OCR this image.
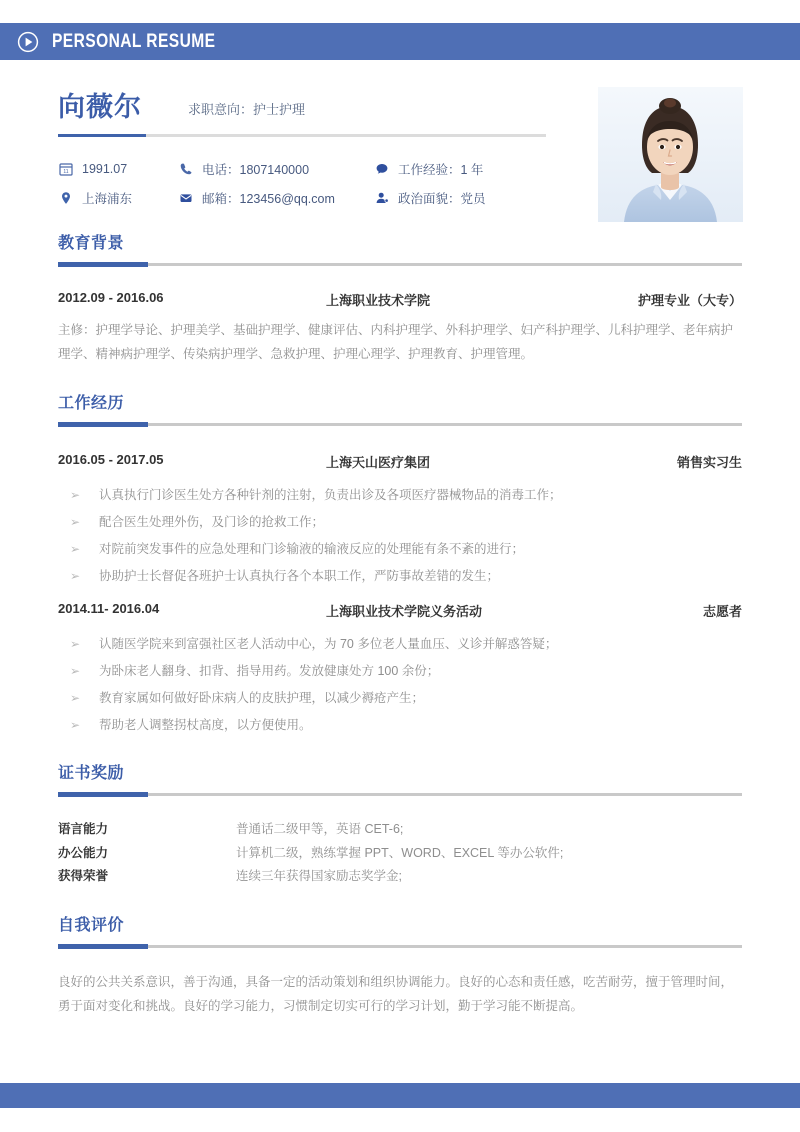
PERSONAL RESUME
向薇尔	求职意向：护士护理
11 1991.07	电话：1807140000	工作经验：1 年
上海浦东	邮箱：123456@qq.com	政治面貌：党员
教育背景
2012.09 - 2016.06	上海职业技术学院	护理专业（大专）
主修：护理学导论、护理美学、基础护理学、健康评估、内科护理学、外科护理学、妇产科护理学、儿科护理学、老年病护理学、精神病护理学、传染病护理学、急救护理、护理心理学、护理教育、护理管理。
工作经历
2016.05 - 2017.05	上海天山医疗集团	销售实习生
➢ 认真执行门诊医生处方各种针剂的注射，负责出诊及各项医疗器械物品的消毒工作；
➢ 配合医生处理外伤，及门诊的抢救工作；
➢ 对院前突发事件的应急处理和门诊输液的输液反应的处理能有条不紊的进行；
➢ 协助护士长督促各班护士认真执行各个本职工作，严防事故差错的发生；
2014.11- 2016.04	上海职业技术学院义务活动	志愿者
➢ 认随医学院来到富强社区老人活动中心，为 70 多位老人量血压、义诊并解惑答疑；
➢ 为卧床老人翻身、扣背、指导用药。发放健康处方 100 余份；
➢ 教育家属如何做好卧床病人的皮肤护理，以减少褥疮产生；
➢ 帮助老人调整拐杖高度，以方便使用。
证书奖励
语言能力	普通话二级甲等，英语 CET-6;
办公能力	计算机二级，熟练掌握 PPT、WORD、EXCEL 等办公软件;
获得荣誉	连续三年获得国家励志奖学金;
自我评价
良好的公共关系意识，善于沟通，具备一定的活动策划和组织协调能力。良好的心态和责任感，吃苦耐劳，擅于管理时间，勇于面对变化和挑战。良好的学习能力，习惯制定切实可行的学习计划，勤于学习能不断提高。
